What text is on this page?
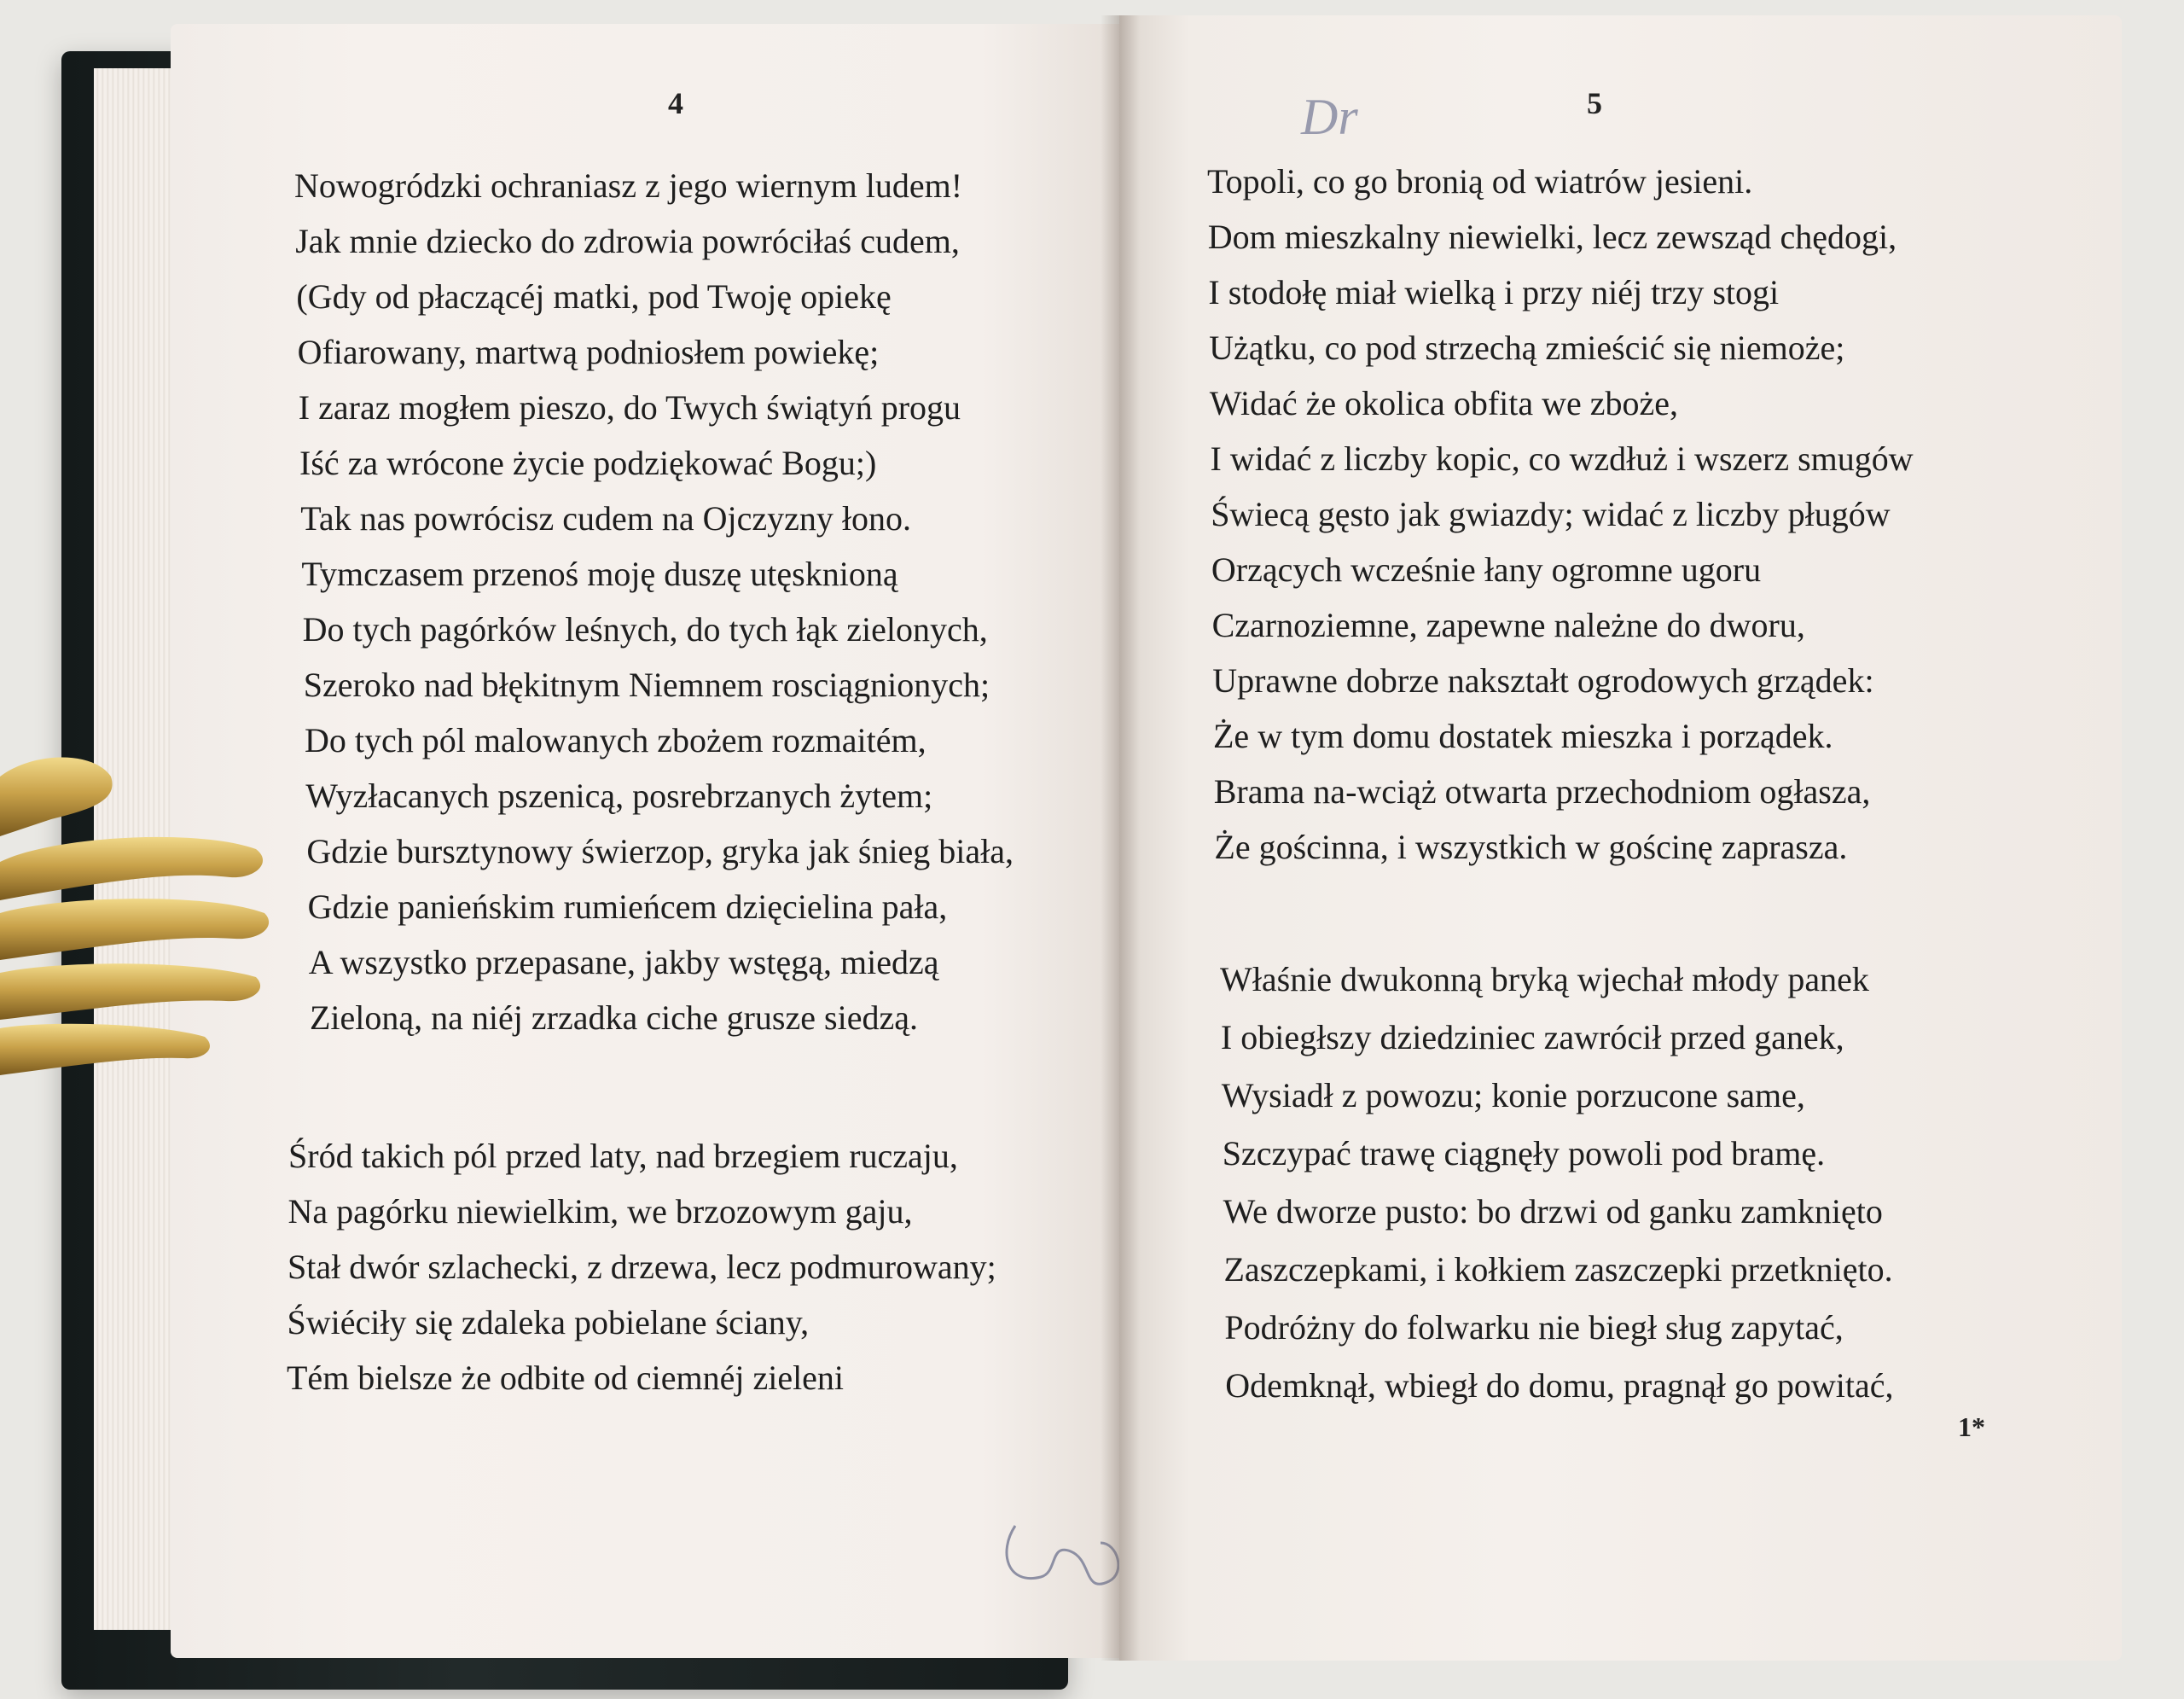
4
Nowogródzki ochraniasz z jego wiernym ludem!
Jak mnie dziecko do zdrowia powróciłaś cudem,
(Gdy od płaczącéj matki, pod Twoję opiekę
Ofiarowany, martwą podniosłem powiekę;
I zaraz mogłem pieszo, do Twych świątyń progu
Iść za wrócone życie podziękować Bogu;)
Tak nas powrócisz cudem na Ojczyzny łono.
Tymczasem przenoś moję duszę utęsknioną
Do tych pagórków leśnych, do tych łąk zielonych,
Szeroko nad błękitnym Niemnem rosciągnionych;
Do tych pól malowanych zbożem rozmaitém,
Wyzłacanych pszenicą, posrebrzanych żytem;
Gdzie bursztynowy świerzop, gryka jak śnieg biała,
Gdzie panieńskim rumieńcem dzięcielina pała,
A wszystko przepasane, jakby wstęgą, miedzą
Zieloną, na niéj zrzadka ciche grusze siedzą.
Śród takich pól przed laty, nad brzegiem ruczaju,
Na pagórku niewielkim, we brzozowym gaju,
Stał dwór szlachecki, z drzewa, lecz podmurowany;
Świéciły się zdaleka pobielane ściany,
Tém bielsze że odbite od ciemnéj zieleni
5
Dr
Topoli, co go bronią od wiatrów jesieni.
Dom mieszkalny niewielki, lecz zewsząd chędogi,
I stodołę miał wielką i przy niéj trzy stogi
Użątku, co pod strzechą zmieścić się niemoże;
Widać że okolica obfita we zboże,
I widać z liczby kopic, co wzdłuż i wszerz smugów
Świecą gęsto jak gwiazdy; widać z liczby pługów
Orzących wcześnie łany ogromne ugoru
Czarnoziemne, zapewne należne do dworu,
Uprawne dobrze nakształt ogrodowych grządek:
Że w tym domu dostatek mieszka i porządek.
Brama na-wciąż otwarta przechodniom ogłasza,
Że gościnna, i wszystkich w gościnę zaprasza.
Właśnie dwukonną bryką wjechał młody panek
I obiegłszy dziedziniec zawrócił przed ganek,
Wysiadł z powozu; konie porzucone same,
Szczypać trawę ciągnęły powoli pod bramę.
We dworze pusto: bo drzwi od ganku zamknięto
Zaszczepkami, i kołkiem zaszczepki przetknięto.
Podróżny do folwarku nie biegł sług zapytać,
Odemknął, wbiegł do domu, pragnął go powitać,
1*
